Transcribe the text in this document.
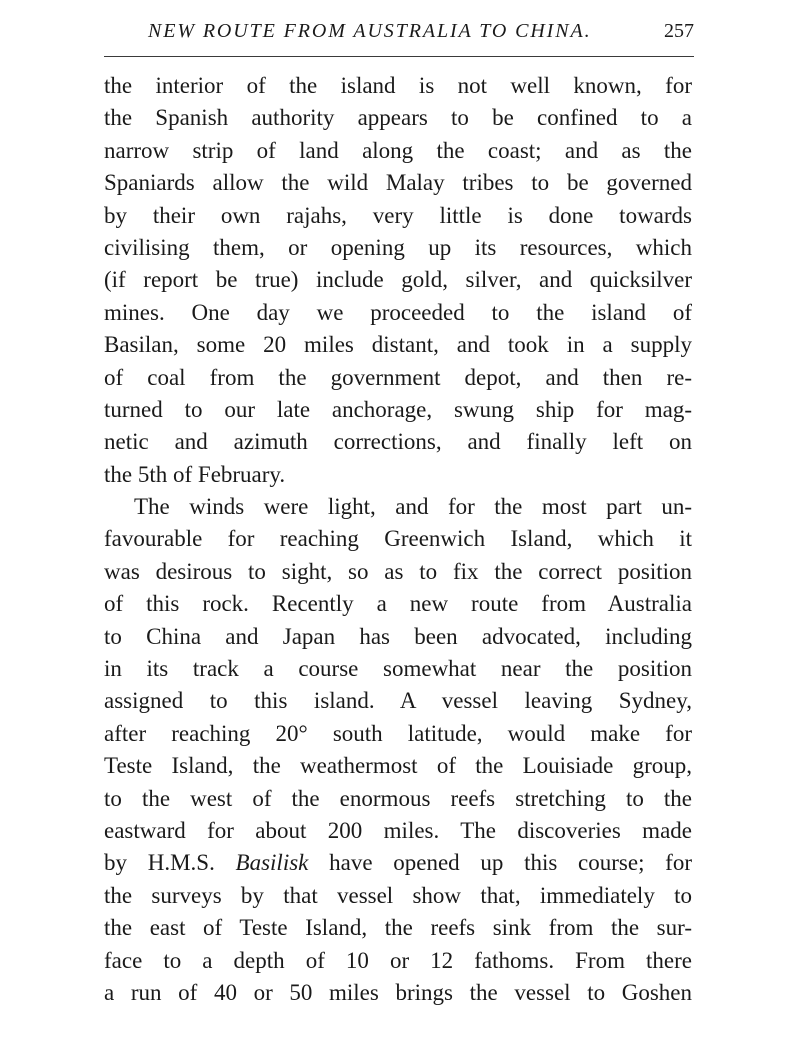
NEW ROUTE FROM AUSTRALIA TO CHINA.	257
the interior of the island is not well known, for
the Spanish authority appears to be confined to a
narrow strip of land along the coast; and as the
Spaniards allow the wild Malay tribes to be governed
by their own rajahs, very little is done towards
civilising them, or opening up its resources, which
(if report be true) include gold, silver, and quicksilver
mines. One day we proceeded to the island of
Basilan, some 20 miles distant, and took in a supply
of coal from the government depot, and then re-
turned to our late anchorage, swung ship for mag-
netic and azimuth corrections, and finally left on
the 5th of February.
The winds were light, and for the most part un-
favourable for reaching Greenwich Island, which it
was desirous to sight, so as to fix the correct position
of this rock. Recently a new route from Australia
to China and Japan has been advocated, including
in its track a course somewhat near the position
assigned to this island. A vessel leaving Sydney,
after reaching 20° south latitude, would make for
Teste Island, the weathermost of the Louisiade group,
to the west of the enormous reefs stretching to the
eastward for about 200 miles. The discoveries made
by H.M.S. Basilisk have opened up this course; for
the surveys by that vessel show that, immediately to
the east of Teste Island, the reefs sink from the sur-
face to a depth of 10 or 12 fathoms. From there
a run of 40 or 50 miles brings the vessel to Goshen
